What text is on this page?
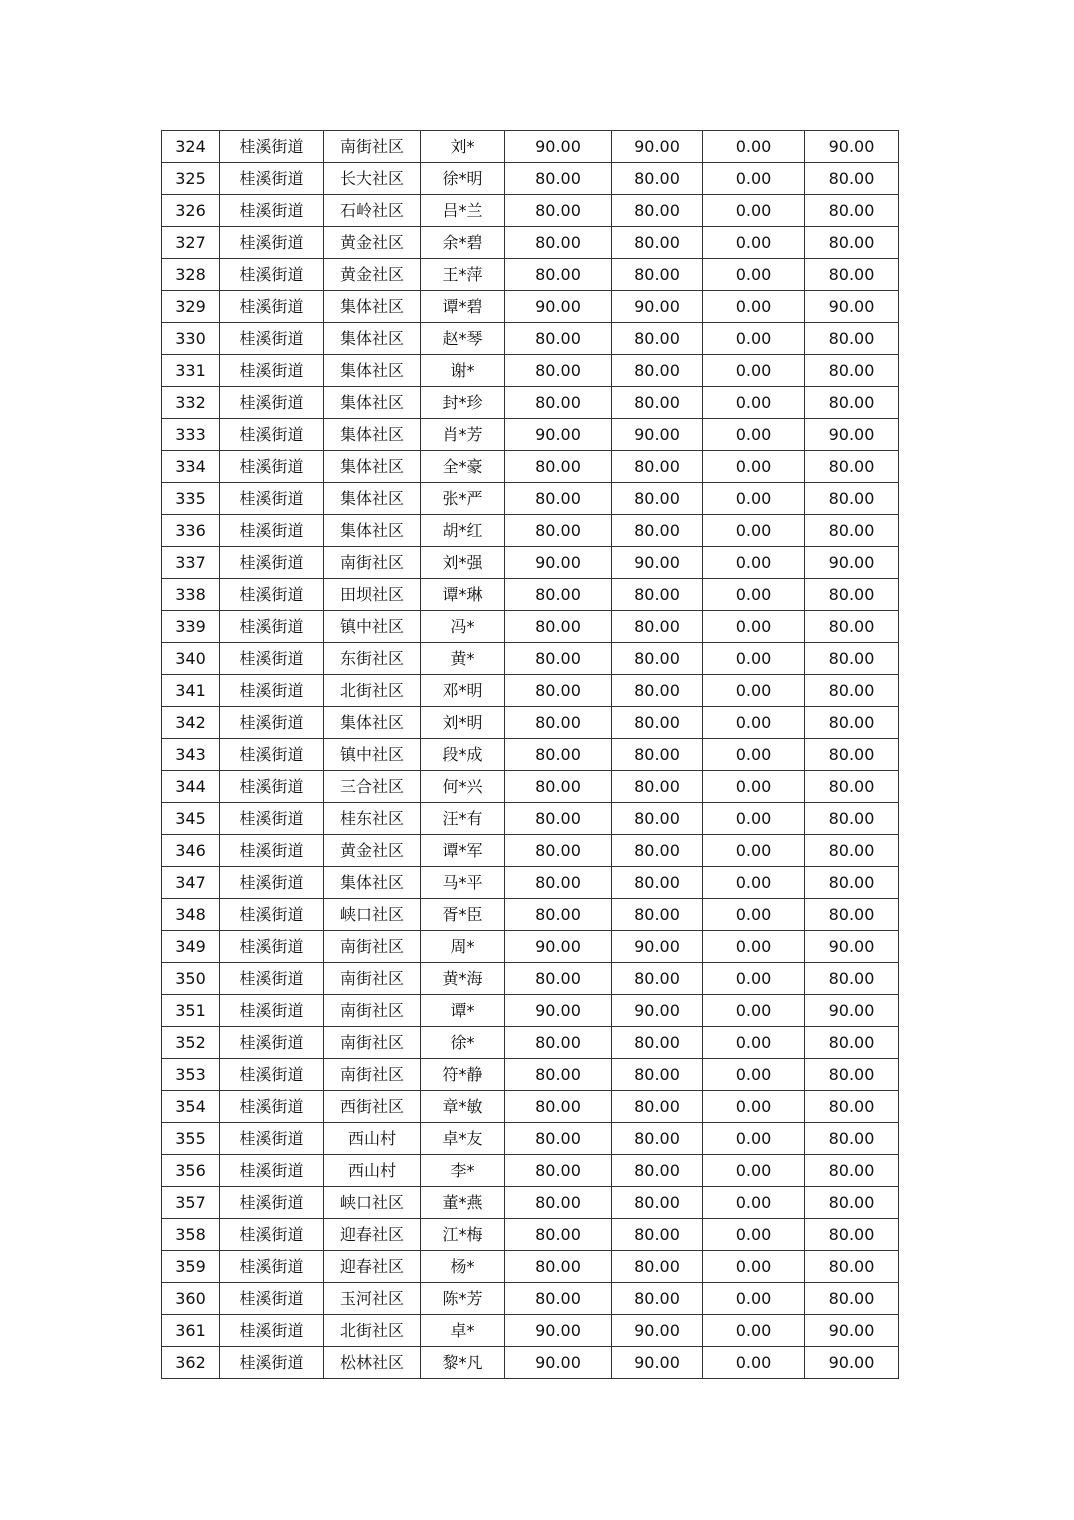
324	桂溪街道	南街社区	刘*	90.00	90.00	0.00	90.00
325	桂溪街道	长大社区	徐*明	80.00	80.00	0.00	80.00
326	桂溪街道	石岭社区	吕*兰	80.00	80.00	0.00	80.00
327	桂溪街道	黄金社区	余*碧	80.00	80.00	0.00	80.00
328	桂溪街道	黄金社区	王*萍	80.00	80.00	0.00	80.00
329	桂溪街道	集体社区	谭*碧	90.00	90.00	0.00	90.00
330	桂溪街道	集体社区	赵*琴	80.00	80.00	0.00	80.00
331	桂溪街道	集体社区	谢*	80.00	80.00	0.00	80.00
332	桂溪街道	集体社区	封*珍	80.00	80.00	0.00	80.00
333	桂溪街道	集体社区	肖*芳	90.00	90.00	0.00	90.00
334	桂溪街道	集体社区	全*豪	80.00	80.00	0.00	80.00
335	桂溪街道	集体社区	张*严	80.00	80.00	0.00	80.00
336	桂溪街道	集体社区	胡*红	80.00	80.00	0.00	80.00
337	桂溪街道	南街社区	刘*强	90.00	90.00	0.00	90.00
338	桂溪街道	田坝社区	谭*琳	80.00	80.00	0.00	80.00
339	桂溪街道	镇中社区	冯*	80.00	80.00	0.00	80.00
340	桂溪街道	东街社区	黄*	80.00	80.00	0.00	80.00
341	桂溪街道	北街社区	邓*明	80.00	80.00	0.00	80.00
342	桂溪街道	集体社区	刘*明	80.00	80.00	0.00	80.00
343	桂溪街道	镇中社区	段*成	80.00	80.00	0.00	80.00
344	桂溪街道	三合社区	何*兴	80.00	80.00	0.00	80.00
345	桂溪街道	桂东社区	汪*有	80.00	80.00	0.00	80.00
346	桂溪街道	黄金社区	谭*军	80.00	80.00	0.00	80.00
347	桂溪街道	集体社区	马*平	80.00	80.00	0.00	80.00
348	桂溪街道	峡口社区	胥*臣	80.00	80.00	0.00	80.00
349	桂溪街道	南街社区	周*	90.00	90.00	0.00	90.00
350	桂溪街道	南街社区	黄*海	80.00	80.00	0.00	80.00
351	桂溪街道	南街社区	谭*	90.00	90.00	0.00	90.00
352	桂溪街道	南街社区	徐*	80.00	80.00	0.00	80.00
353	桂溪街道	南街社区	符*静	80.00	80.00	0.00	80.00
354	桂溪街道	西街社区	章*敏	80.00	80.00	0.00	80.00
355	桂溪街道	西山村	卓*友	80.00	80.00	0.00	80.00
356	桂溪街道	西山村	李*	80.00	80.00	0.00	80.00
357	桂溪街道	峡口社区	董*燕	80.00	80.00	0.00	80.00
358	桂溪街道	迎春社区	江*梅	80.00	80.00	0.00	80.00
359	桂溪街道	迎春社区	杨*	80.00	80.00	0.00	80.00
360	桂溪街道	玉河社区	陈*芳	80.00	80.00	0.00	80.00
361	桂溪街道	北街社区	卓*	90.00	90.00	0.00	90.00
362	桂溪街道	松林社区	黎*凡	90.00	90.00	0.00	90.00
